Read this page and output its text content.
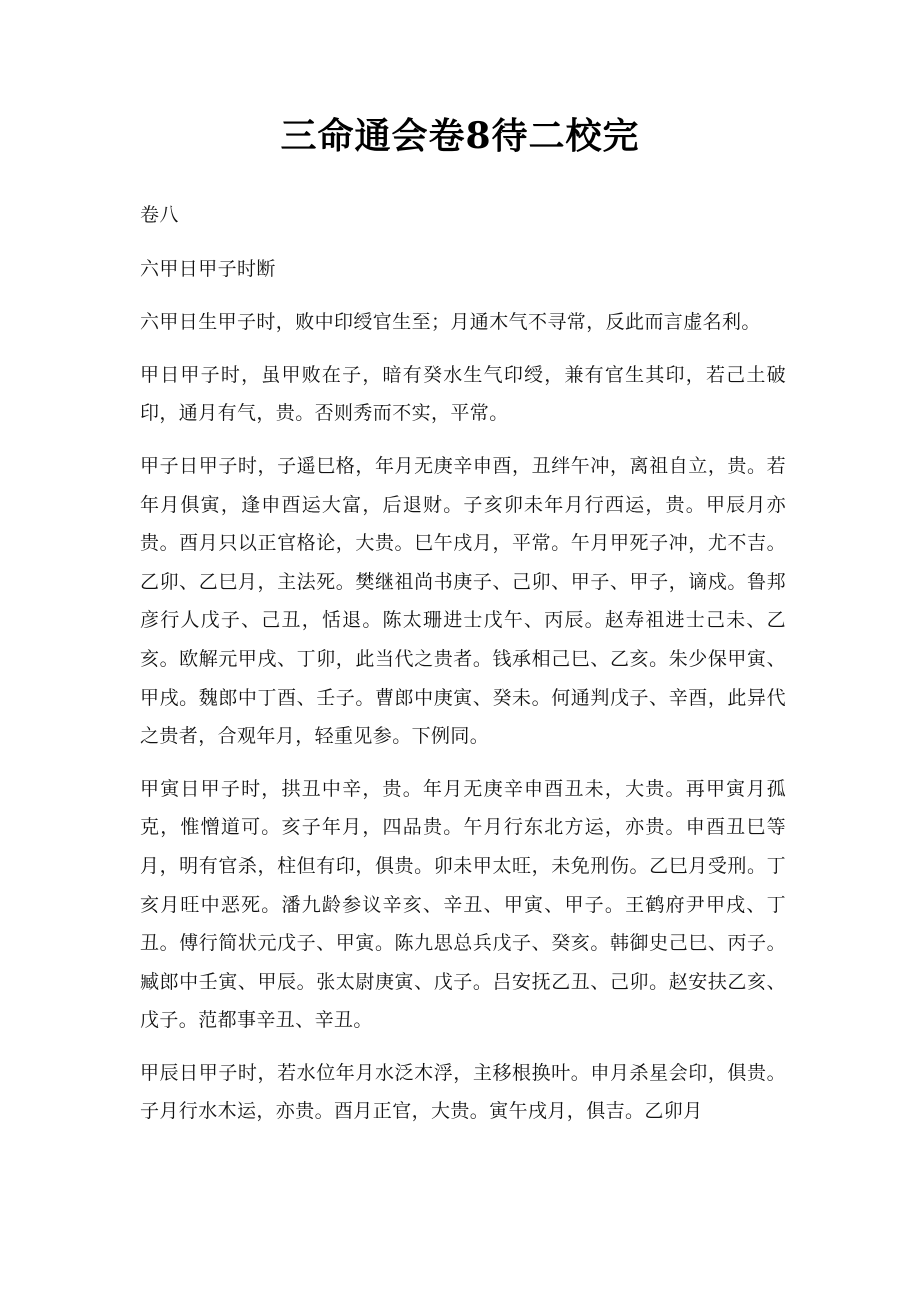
三命通会卷8待二校完

卷八

六甲日甲子时断

六甲日生甲子时，败中印绶官生至；月通木气不寻常，反此而言虚名利。

甲日甲子时，虽甲败在子，暗有癸水生气印绶，兼有官生其印，若己土破印，通月有气，贵。否则秀而不实，平常。

甲子日甲子时，子遥巳格，年月无庚辛申酉，丑绊午冲，离祖自立，贵。若年月俱寅，逢申酉运大富，后退财。子亥卯未年月行西运，贵。甲辰月亦贵。酉月只以正官格论，大贵。巳午戌月，平常。午月甲死子冲，尤不吉。乙卯、乙巳月，主法死。樊继祖尚书庚子、己卯、甲子、甲子，谪戍。鲁邦彦行人戊子、己丑，恬退。陈太珊进士戊午、丙辰。赵寿祖进士己未、乙亥。欧解元甲戌、丁卯，此当代之贵者。钱承相己巳、乙亥。朱少保甲寅、甲戌。魏郎中丁酉、壬子。曹郎中庚寅、癸未。何通判戊子、辛酉，此异代之贵者，合观年月，轻重见参。下例同。

甲寅日甲子时，拱丑中辛，贵。年月无庚辛申酉丑未，大贵。再甲寅月孤克，惟憎道可。亥子年月，四品贵。午月行东北方运，亦贵。申酉丑巳等月，明有官杀，柱但有印，俱贵。卯未甲太旺，未免刑伤。乙巳月受刑。丁亥月旺中恶死。潘九龄参议辛亥、辛丑、甲寅、甲子。王鹤府尹甲戌、丁丑。傅行简状元戊子、甲寅。陈九思总兵戊子、癸亥。韩御史己巳、丙子。臧郎中壬寅、甲辰。张太尉庚寅、戊子。吕安抚乙丑、己卯。赵安扶乙亥、戊子。范都事辛丑、辛丑。

甲辰日甲子时，若水位年月水泛木浮，主移根换叶。申月杀星会印，俱贵。子月行水木运，亦贵。酉月正官，大贵。寅午戌月，俱吉。乙卯月
